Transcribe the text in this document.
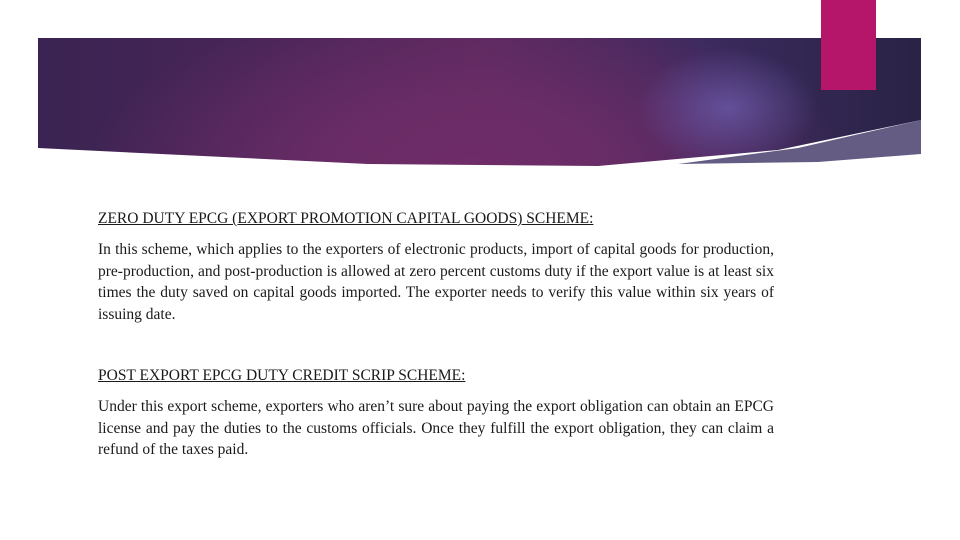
ZERO DUTY EPCG (EXPORT PROMOTION CAPITAL GOODS) SCHEME:

In this scheme, which applies to the exporters of electronic products, import of capital goods for production, pre-production, and post-production is allowed at zero percent customs duty if the export value is at least six times the duty saved on capital goods imported. The exporter needs to verify this value within six years of issuing date.

POST EXPORT EPCG DUTY CREDIT SCRIP SCHEME:

Under this export scheme, exporters who aren’t sure about paying the export obligation can obtain an EPCG license and pay the duties to the customs officials. Once they fulfill the export obligation, they can claim a refund of the taxes paid.
